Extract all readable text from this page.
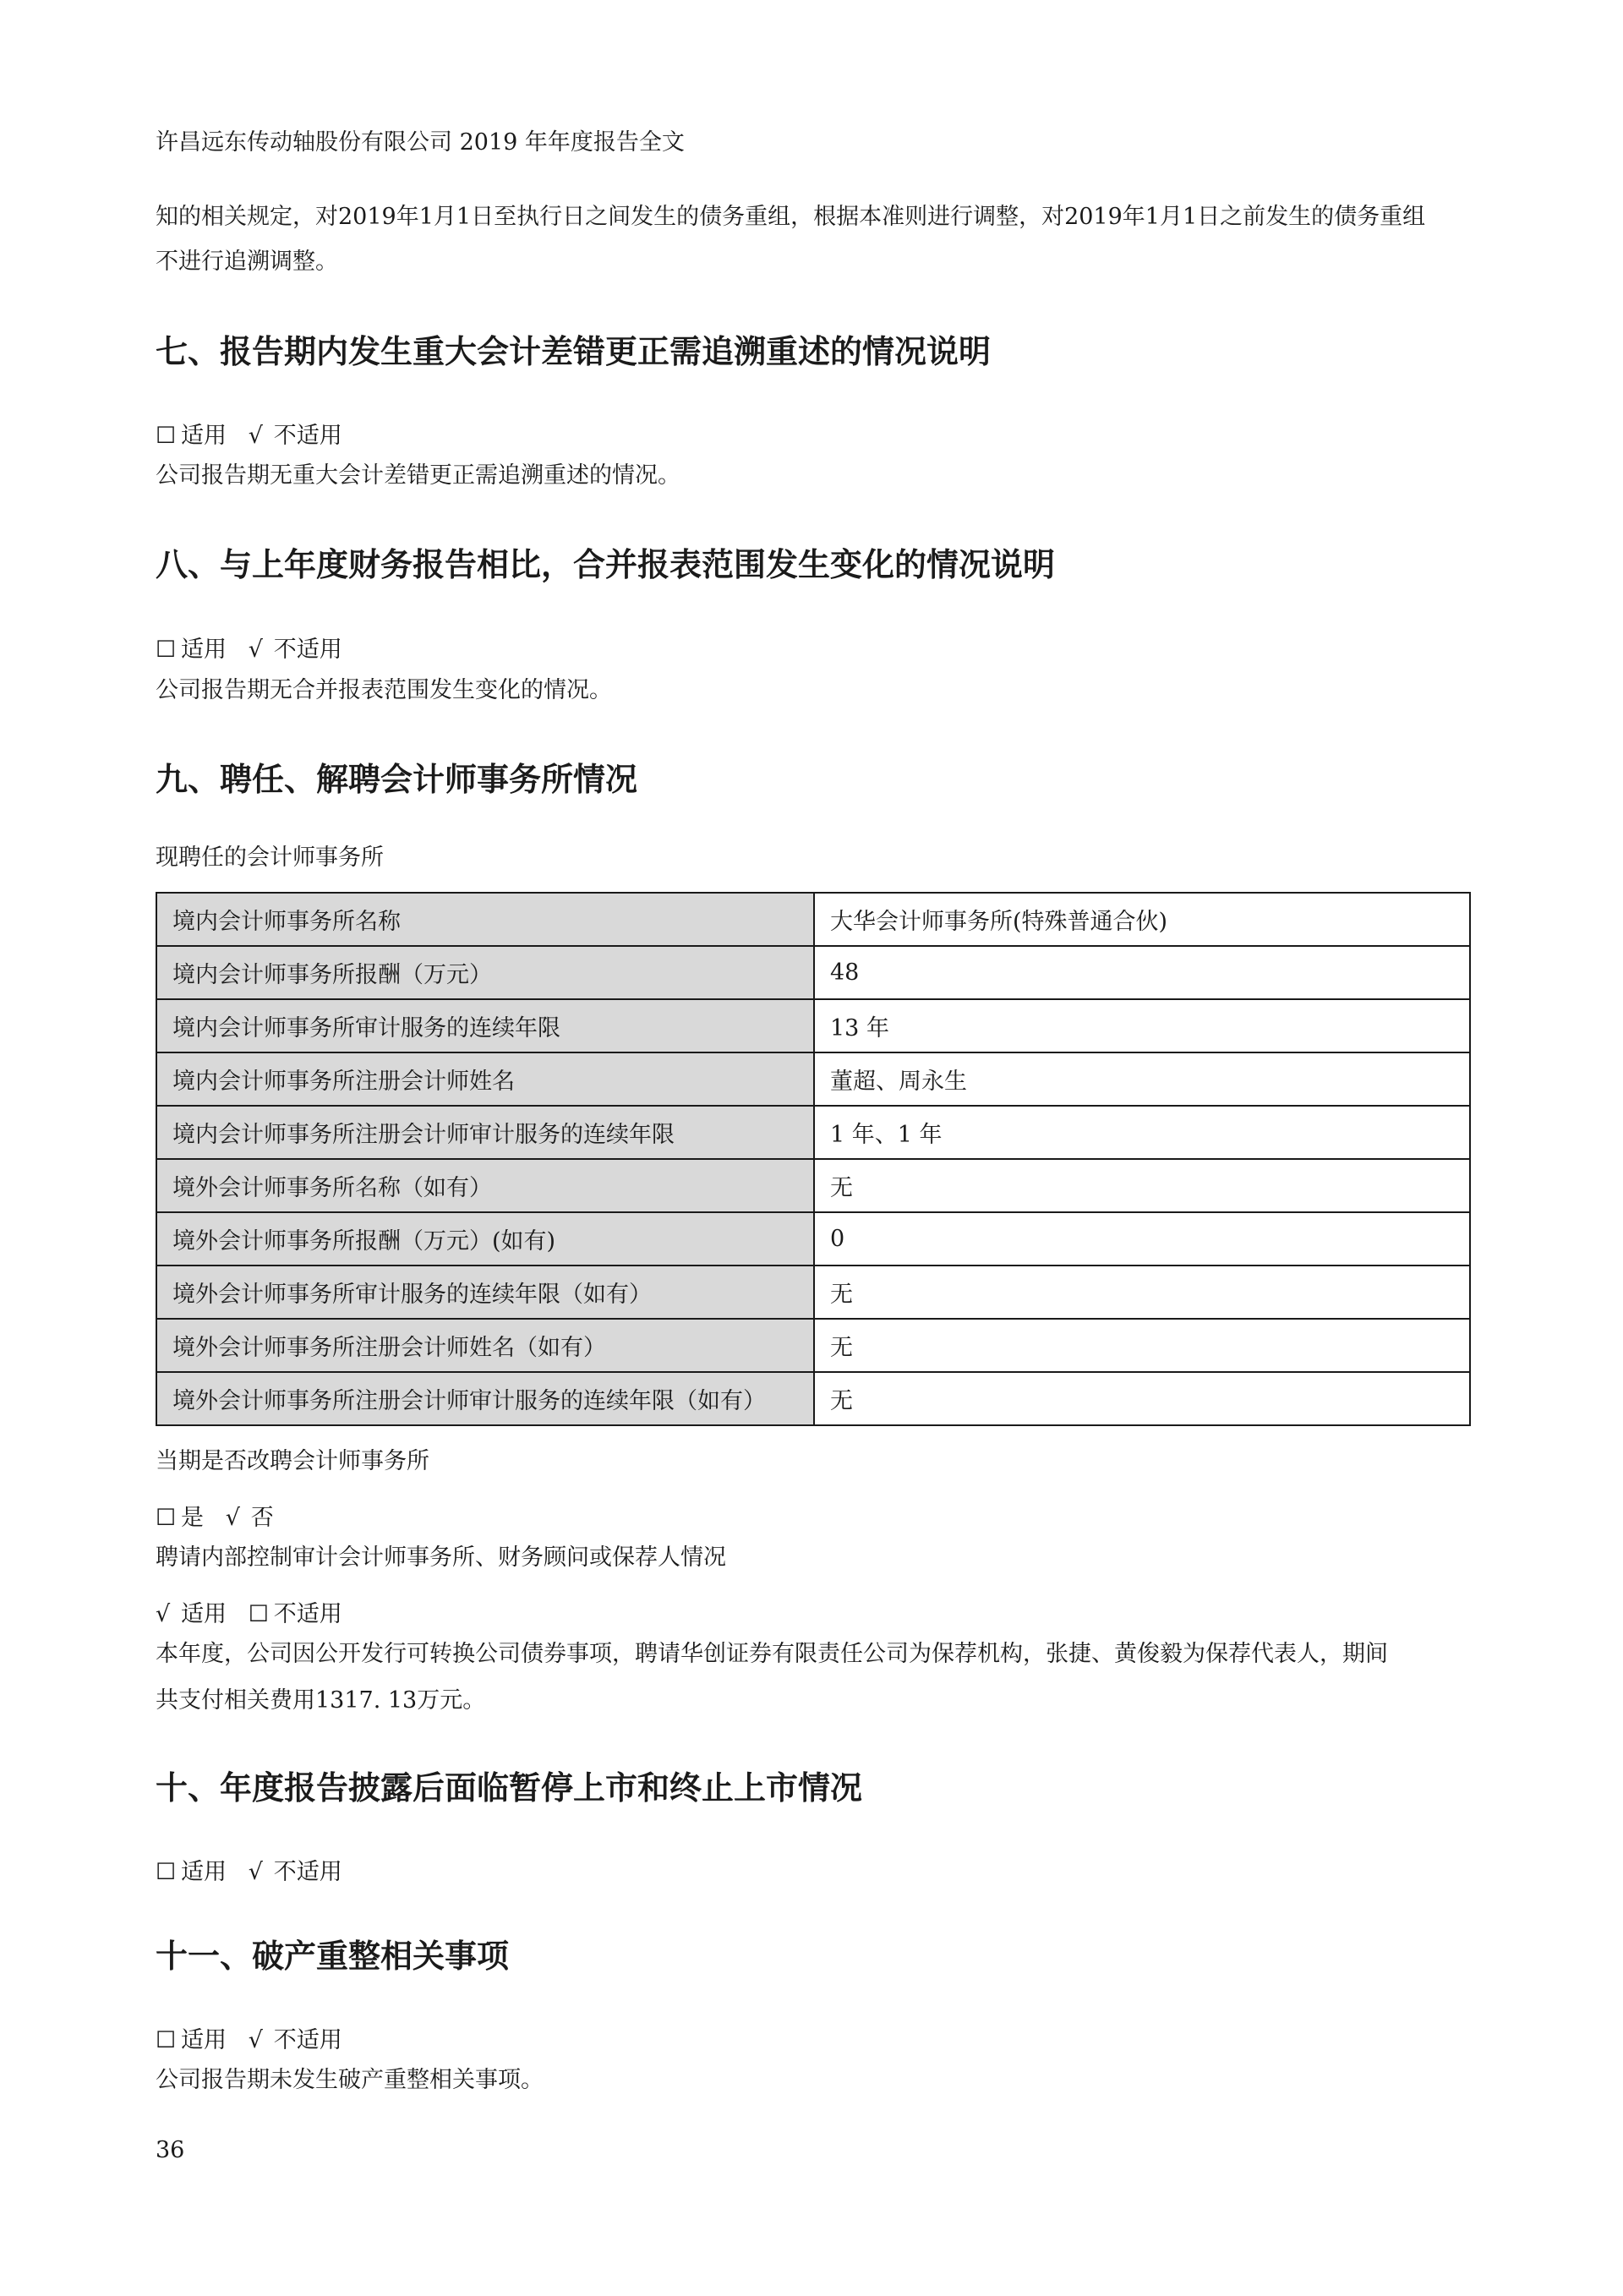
许昌远东传动轴股份有限公司 2019 年年度报告全文

知的相关规定，对2019年1月1日至执行日之间发生的债务重组，根据本准则进行调整，对2019年1月1日之前发生的债务重组

不进行追溯调整。

七、报告期内发生重大会计差错更正需追溯重述的情况说明
☐ 适用 √ 不适用

公司报告期无重大会计差错更正需追溯重述的情况。

八、与上年度财务报告相比，合并报表范围发生变化的情况说明
☐ 适用 √ 不适用

公司报告期无合并报表范围发生变化的情况。

九、聘任、解聘会计师事务所情况

现聘任的会计师事务所

境内会计师事务所名称	大华会计师事务所(特殊普通合伙)
境内会计师事务所报酬（万元）	48
境内会计师事务所审计服务的连续年限	13 年
境内会计师事务所注册会计师姓名	董超、周永生
境内会计师事务所注册会计师审计服务的连续年限	1 年、1 年
境外会计师事务所名称（如有）	无
境外会计师事务所报酬（万元）(如有)	0
境外会计师事务所审计服务的连续年限（如有）	无
境外会计师事务所注册会计师姓名（如有）	无
境外会计师事务所注册会计师审计服务的连续年限（如有）	无

当期是否改聘会计师事务所

☐ 是 √ 否

聘请内部控制审计会计师事务所、财务顾问或保荐人情况

√ 适用 ☐ 不适用

本年度，公司因公开发行可转换公司债券事项，聘请华创证券有限责任公司为保荐机构，张捷、黄俊毅为保荐代表人，期间

共支付相关费用1317. 13万元。

十、年度报告披露后面临暂停上市和终止上市情况
☐ 适用 √ 不适用
十一、破产重整相关事项
☐ 适用 √ 不适用

公司报告期未发生破产重整相关事项。

36
